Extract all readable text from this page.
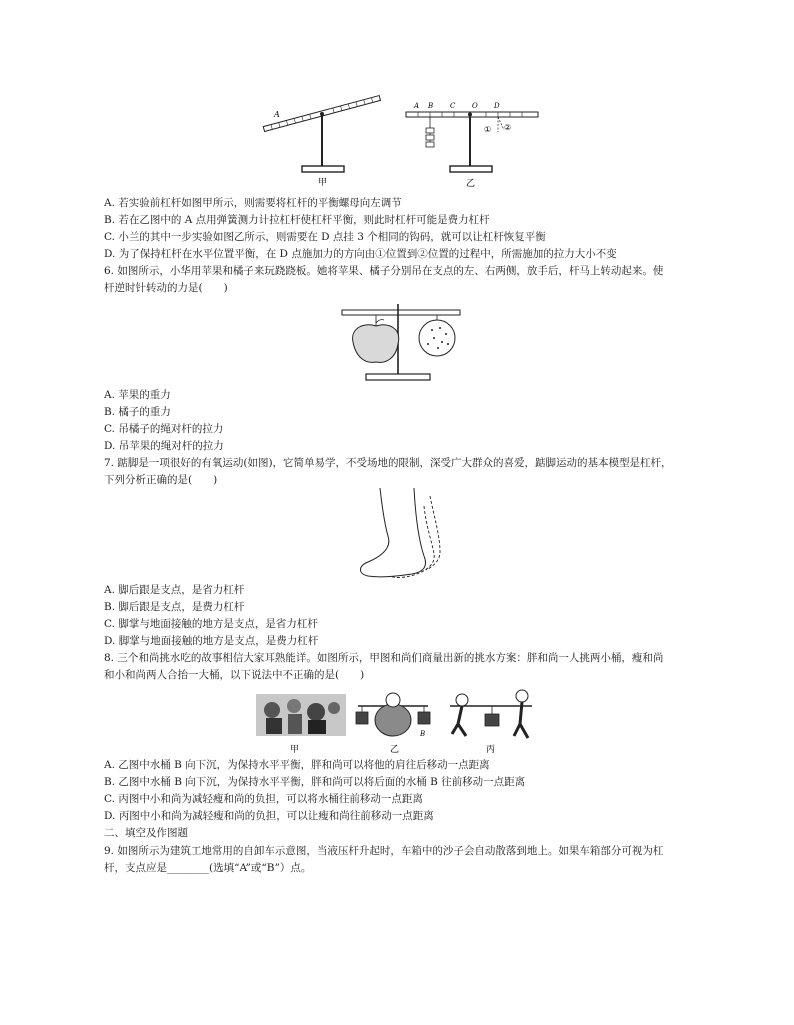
A
甲
A B C O D
① ②
乙
A. 若实验前杠杆如图甲所示，则需要将杠杆的平衡螺母向左调节
B. 若在乙图中的 A 点用弹簧测力计拉杠杆使杠杆平衡，则此时杠杆可能是费力杠杆
C. 小兰的其中一步实验如图乙所示，则需要在 D 点挂 3 个相同的钩码，就可以让杠杆恢复平衡
D. 为了保持杠杆在水平位置平衡，在 D 点施加力的方向由①位置到②位置的过程中，所需施加的拉力大小不变
6. 如图所示，小华用苹果和橘子来玩跷跷板。她将苹果、橘子分别吊在支点的左、右两侧，放手后，杆马上转动起来。使
杆逆时针转动的力是(　　)
A. 苹果的重力
B. 橘子的重力
C. 吊橘子的绳对杆的拉力
D. 吊苹果的绳对杆的拉力
7. 踮脚是一项很好的有氧运动(如图)，它简单易学，不受场地的限制，深受广大群众的喜爱，踮脚运动的基本模型是杠杆，
下列分析正确的是(　　)
A. 脚后跟是支点，是省力杠杆
B. 脚后跟是支点，是费力杠杆
C. 脚掌与地面接触的地方是支点，是省力杠杆
D. 脚掌与地面接触的地方是支点，是费力杠杆
8. 三个和尚挑水吃的故事相信大家耳熟能详。如图所示，甲图和尚们商量出新的挑水方案：胖和尚一人挑两小桶，瘦和尚
和小和尚两人合抬一大桶，以下说法中不正确的是(　　)
B
甲	乙	丙
A. 乙图中水桶 B 向下沉，为保持水平平衡，胖和尚可以将他的肩往后移动一点距离
B. 乙图中水桶 B 向下沉，为保持水平平衡，胖和尚可以将后面的水桶 B 往前移动一点距离
C. 丙图中小和尚为减轻瘦和尚的负担，可以将水桶往前移动一点距离
D. 丙图中小和尚为减轻瘦和尚的负担，可以让瘦和尚往前移动一点距离
二、填空及作图题
9. 如图所示为建筑工地常用的自卸车示意图，当液压杆升起时，车箱中的沙子会自动散落到地上。如果车箱部分可视为杠
杆，支点应是________(选填“A”或“B”）点。
